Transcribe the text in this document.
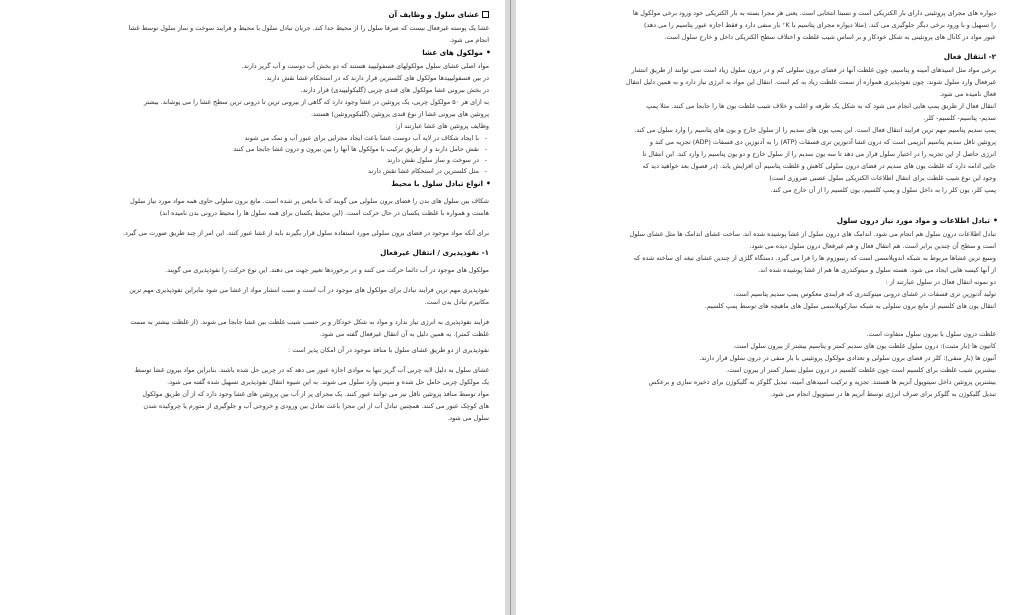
غشای سلول و وظایف آن
غشا یک پوسته غیرفعال نیست که صرفا سلول را از محیط جدا کند. جریان تبادل سلول با محیط و فرایند سوخت و ساز سلول توسط غشا
انجام می شود.
• مولکول های غشا
مواد اصلی غشای سلول مولکولهای فسفولیپید هستند که دو بخش آب دوست و آب گریز دارند.
در بین فسفولیپیدها مولکول های کلسترین قرار دارند که در استحکام غشا نقش دارند.
در بخش بیرونی غشا مولکول های قندی چربی (گلیکولیپیدی) قرار دارند.
به ازای هر ۵۰ مولکول چربی، یک پروتئین در غشا وجود دارد که گاهی از بیرونی ترین تا درونی ترین سطح غشا را می پوشاند. بیشتر
پروتئین های بیرونی غشا از نوع قندی پروتئین (گلیکوپروتئین) هستند.
وظایف پروتئین های غشا عبارتند از:
- با ایجاد شکاف در لایه آب دوست غشا باعث ایجاد مجرایی برای عبور آب و نمک می شوند
- نقش حامل دارند و از طریق ترکیب با مولکول ها آنها را بین بیرون و درون غشا جابجا می کنند
- در سوخت و ساز سلول نقش دارند
- مثل کلسترین در استحکام غشا نقش دارند
• انواع تبادل سلول با محیط
شکاف بین سلول های بدن را فضای برون سلولی می گویند که با مایعی پر شده است. مایع برون سلولی حاوی همه مواد مورد نیاز سلول
هاست و همواره با غلظت یکسان در حال حرکت است. (این محیط یکسان برای همه سلول ها را محیط درونی بدن نامیده اند)
برای آنکه مواد موجود در فضای برون سلولی مورد استفاده سلول قرار بگیرند باید از غشا عبور کنند. این امر از چند طریق صورت می گیرد.
۱- نفوذپذیری / انتقال غیرفعال
مولکول های موجود در آب دائما حرکت می کنند و در برخوردها تغییر جهت می دهند. این نوع حرکت را نفوذپذیری می گویند.
نفوذپذیری مهم ترین فرایند تبادل برای مولکول های موجود در آب است و سبب انتشار مواد از غشا می شود بنابراین نفوذپذیری مهم ترین
مکانیزم تبادل بدن است.
فرایند نفوذپذیری به انرژی نیاز ندارد و مواد به شکل خودکار و بر حسب شیب غلظت بین غشا جابجا می شوند. (از غلظت بیشتر به سمت
غلظت کمتر). به همین دلیل به آن انتقال غیرفعال گفته می شود.
نفوذپذیری از دو طریق غشای سلول با منافذ موجود در آن امکان پذیر است :
غشای سلول به دلیل لایه چربی آب گریز تنها به موادی اجازه عبور می دهد که در چربی حل شده باشند. بنابراین مواد بیرون غشا توسط
یک مولکول چربی حامل حل شده و سپس وارد سلول می شوند. به این شیوه انتقال نفوذپذیری تسهیل شده گفته می شود.
مواد توسط منافذ پروتئین ناقل نیز می توانند عبور کنند. یک مجرای پر از آب بین پروتئین های غشا وجود دارد که از آن طریق مولکول
های کوچک عبور می کنند. همچنین تبادل آب از این مجرا باعث تعادل بین ورودی و خروجی آب و جلوگیری از متورم یا چروکیده شدن
سلول می شود.
دیواره های مجرای پروتئینی دارای بار الکتریکی است و نسبتا انتخابی است. یعنی هر مجرا بسته به بار الکتریکی خود ورود برخی مولکول ها
را تسهیل و با ورود برخی دیگر جلوگیری می کند. (مثلا دیواره مجرای پتاسیم با K⁺ بار منفی دارد و فقط اجازه عبور پتاسیم را می دهد)
عبور مواد در کانال های پروتئینی به شکل خودکار و بر اساس شیب غلظت و اختلاف سطح الکتریکی داخل و خارج سلول است.
۲- انتقال فعال
برخی مواد مثل اسیدهای آمینه و پتاسیم، چون غلظت آنها در فضای برون سلولی کم و در درون سلول زیاد است نمی توانند از طریق انتشار
غیرفعال وارد سلول شوند. چون نفوذپذیری همواره از سمت غلظت زیاد به کم است. انتقال این مواد به انرژی نیاز دارد و به همین دلیل انتقال
فعال نامیده می شود.
انتقال فعال از طریق پمپ هایی انجام می شود که به شکل یک طرفه و اغلب و خلاف شیب غلظت یون ها را جابجا می کنند. مثلا پمپ
سدیم- پتاسیم- کلسیم- کلر.
پمپ سدیم پتاسیم مهم ترین فرایند انتقال فعال است. این پمپ یون های سدیم را از سلول خارج و یون های پتاسیم را وارد سلول می کند.
پروتئین ناقل سدیم پتاسیم آنزیمی است که درون غشا آدنوزین تری فسفات (ATP) را به آدنوزین دی فسفات (ADP) تجزیه می کند و
انرژی حاصل از این تجزیه را در اختیار سلول قرار می دهد تا سه یون سدیم را از سلول خارج و دو یون پتاسیم را وارد کند. این انتقال تا
جایی ادامه دارد که غلظت یون های سدیم در فضای درون سلولی کاهش و غلظت پتاسیم آن افزایش یابد. (در فصول بعد خواهید دید که
وجود این نوع شیب غلظت برای انتقال اطلاعات الکتریکی سلول عصبی ضروری است)
پمپ کلر، یون کلر را به داخل سلول و پمپ کلسیم، یون کلسیم را از آن خارج می کند.
• تبادل اطلاعات و مواد مورد نیاز درون سلول
تبادل اطلاعات درون سلول هم انجام می شود. اندامک های درون سلول از غشا پوشیده شده اند. ساخت غشای اندامک ها مثل غشای سلول
است و سطح آن چندین برابر است. هم انتقال فعال و هم غیرفعال درون سلول دیده می شود.
وسیع ترین غشاها مربوط به شبکه اندوپلاسمی است که رنیبوزوم ها را فرا می گیرد. دستگاه گلژی از چندین غشای تیغه ای ساخته شده که
از آنها کیسه هایی ایجاد می شود. هسته سلول و میتوکندری ها هم از غشا پوشیده شده اند.
دو نمونه انتقال فعال در سلول عبارتند از :
تولید آدنوزین تری فسفات در غشای درونی میتوکندری که فرایندی معکوس پمپ سدیم پتاسیم است.
انتقال یون های کلسیم از مایع برون سلولی به شبکه سارکوپلاسمی سلول های ماهیچه های توسط پمپ کلسیم.
غلظت درون سلول با بیرون سلول متفاوت است.
کاتیون ها (بار مثبت): درون سلول غلظت یون های سدیم کمتر و پتاسیم بیشتر از بیرون سلول است.
آنیون ها (بار منفی): کلر در فضای برون سلولی و تعدادی مولکول پروتئینی با بار منفی در درون سلول قرار دارند.
بیشترین شیب غلظت برای کلسیم است چون غلظت کلسیم در درون سلول بسیار کمتر از بیرون است.
بیشترین پروتئین داخل سیتوپول آنزیم ها هستند. تجزیه و ترکیب اسیدهای آمینه، تبدیل گلوکز به گلیکوژن برای ذخیره سازی و برعکس
تبدیل گلیکوژن به گلوکز برای صرف انرژی توسط آنزیم ها در سیتوپول انجام می شود.
